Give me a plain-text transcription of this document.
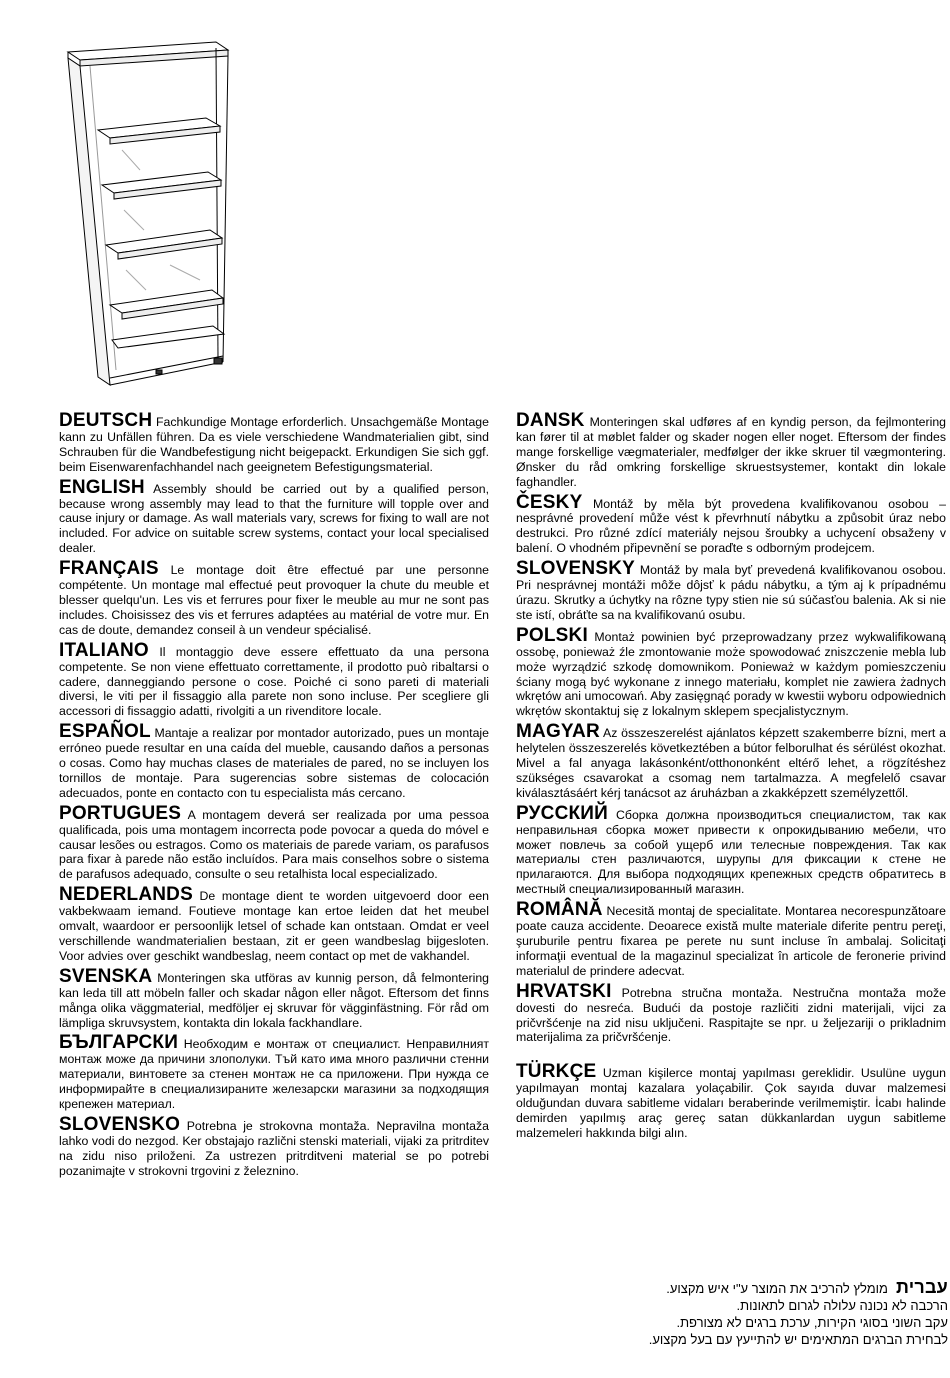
DEUTSCH Fachkundige Montage erforderlich. Unsachgemäße Montage kann zu Unfällen führen. Da es viele verschiedene Wandmaterialien gibt, sind Schrauben für die Wandbefestigung nicht beigepackt. Erkundigen Sie sich ggf. beim Eisenwarenfachhandel nach geeignetem Befestigungsmaterial.

ENGLISH Assembly should be carried out by a qualified person, because wrong assembly may lead to that the furniture will topple over and cause injury or damage. As wall materials vary, screws for fixing to wall are not included. For advice on suitable screw systems, contact your local specialised dealer.

FRANÇAIS Le montage doit être effectué par une personne compétente. Un montage mal effectué peut provoquer la chute du meuble et blesser quelqu'un. Les vis et ferrures pour fixer le meuble au mur ne sont pas includes. Choisissez des vis et ferrures adaptées au matérial de votre mur. En cas de doute, demandez conseil à un vendeur spécialisé.

ITALIANO Il montaggio deve essere effettuato da una persona competente. Se non viene effettuato correttamente, il prodotto può ribaltarsi o cadere, danneggiando persone o cose. Poiché ci sono pareti di materiali diversi, le viti per il fissaggio alla parete non sono incluse. Per scegliere gli accessori di fissaggio adatti, rivolgiti a un rivenditore locale.

ESPAÑOL Mantaje a realizar por montador autorizado, pues un montaje erróneo puede resultar en una caída del mueble, causando daños a personas o cosas. Como hay muchas clases de materiales de pared, no se incluyen los tornillos de montaje. Para sugerencias sobre sistemas de colocación adecuados, ponte en contacto con tu especialista más cercano.

PORTUGUES A montagem deverá ser realizada por uma pessoa qualificada, pois uma montagem incorrecta pode povocar a queda do móvel e causar lesões ou estragos. Como os materiais de parede variam, os parafusos para fixar à parede não estão incluídos. Para mais conselhos sobre o sistema de parafusos adequado, consulte o seu retalhista local especializado.

NEDERLANDS De montage dient te worden uitgevoerd door een vakbekwaam iemand. Foutieve montage kan ertoe leiden dat het meubel omvalt, waardoor er persoonlijk letsel of schade kan ontstaan. Omdat er veel verschillende wandmaterialien bestaan, zit er geen wandbeslag bijgesloten. Voor advies over geschikt wandbeslag, neem contact op met de vakhandel.

SVENSKA Monteringen ska utföras av kunnig person, då felmontering kan leda till att möbeln faller och skadar någon eller något. Eftersom det finns många olika väggmaterial, medföljer ej skruvar för vägginfästning. För råd om lämpliga skruvsystem, kontakta din lokala fackhandlare.

БЪЛГАРСКИ Необходим е монтаж от специалист. Неправилният монтаж може да причини злополуки. Тъй като има много различни стенни материали, винтовете за стенен монтаж не са приложени. При нужда се информирайте в специализираните железарски магазини за подходящия крепежен материал.

SLOVENSKO Potrebna je strokovna montaža. Nepravilna montaža lahko vodi do nezgod. Ker obstajajo različni stenski materiali, vijaki za pritrditev na zidu niso priloženi. Za ustrezen pritrditveni material se po potrebi pozanimajte v strokovni trgovini z železnino.

DANSK Monteringen skal udføres af en kyndig person, da fejlmontering kan fører til at møblet falder og skader nogen eller noget. Eftersom der findes mange forskellige vægmaterialer, medfølger der ikke skruer til vægmontering. Ønsker du råd omkring forskellige skruestsystemer, kontakt din lokale faghandler.

ČESKY Montáž by měla být provedena kvalifikovanou osobou – nesprávné provedení může vést k převrhnutí nábytku a způsobit úraz nebo destrukci. Pro různé zdící materiály nejsou šroubky a uchycení obsaženy v balení. O vhodném připevnění se poraďte s odborným prodejcem.

SLOVENSKY Montáž by mala byť prevedená kvalifikovanou osobou. Pri nesprávnej montáži môže dôjsť k pádu nábytku, a tým aj k prípadnému úrazu. Skrutky a úchytky na rôzne typy stien nie sú súčasťou balenia. Ak si nie ste istí, obráťte sa na kvalifikovanú osubu.

POLSKI Montaż powinien być przeprowadzany przez wykwalifikowaną ossobę, ponieważ źle zmontowanie może spowodować zniszczenie mebla lub może wyrządzić szkodę domownikom. Ponieważ w każdym pomieszczeniu ściany mogą być wykonane z innego materiału, komplet nie zawiera żadnych wkrętów ani umocowań. Aby zasięgnąć porady w kwestii wyboru odpowiednich wkrętów skontaktuj się z lokalnym sklepem specjalistycznym.

MAGYAR Az összeszerelést ajánlatos képzett szakemberre bízni, mert a helytelen összeszerelés következtében a bútor felborulhat és sérülést okozhat. Mivel a fal anyaga lakásonként/otthononként eltérő lehet, a rögzítéshez szükséges csavarokat a csomag nem tartalmazza. A megfelelő csavar kiválasztásáért kérj tanácsot az áruházban a zkakképzett személyzettől.

РУССКИЙ Сборка должна производиться специалистом, так как неправильная сборка может привести к опрокидыванию мебели, что может повлечь за собой ущерб или телесные повреждения. Так как материалы стен различаются, шурупы для фиксации к стене не прилагаются. Для выбора подходящих крепежных средств обратитесь в местный специализированный магазин.

ROMÂNĂ Necesită montaj de specialitate. Montarea necorespunzătoare poate cauza accidente. Deoarece există multe materiale diferite pentru pereţi, şuruburile pentru fixarea pe perete nu sunt incluse în ambalaj. Solicitaţi informaţii eventual de la magazinul specializat în articole de feronerie privind materialul de prindere adecvat.

HRVATSKI Potrebna stručna montaža. Nestručna montaža može dovesti do nesreća. Budući da postoje različiti zidni materijali, vijci za pričvršćenje na zid nisu uključeni. Raspitajte se npr. u željezariji o prikladnim materijalima za pričvršćenje.

TÜRKÇE Uzman kişilerce montaj yapılması gereklidir. Usulüne uygun yapılmayan montaj kazalara yolaçabilir. Çok sayıda duvar malzemesi olduğundan duvara sabitleme vidaları beraberinde verilmemiştir. İcabı halinde demirden yapılmış araç gereç satan dükkanlardan uygun sabitleme malzemeleri hakkında bilgi alın.

עבריתמומלץ להרכיב את המוצר ע"י איש מקצוע.
הרכבה לא נכונה עלולה לגרום לתאונות.
עקב השוני בסוגי הקירות, ערכת ברגים לא מצורפת.
לבחירת הברגים המתאימים יש להתייעץ עם בעל מקצוע.
